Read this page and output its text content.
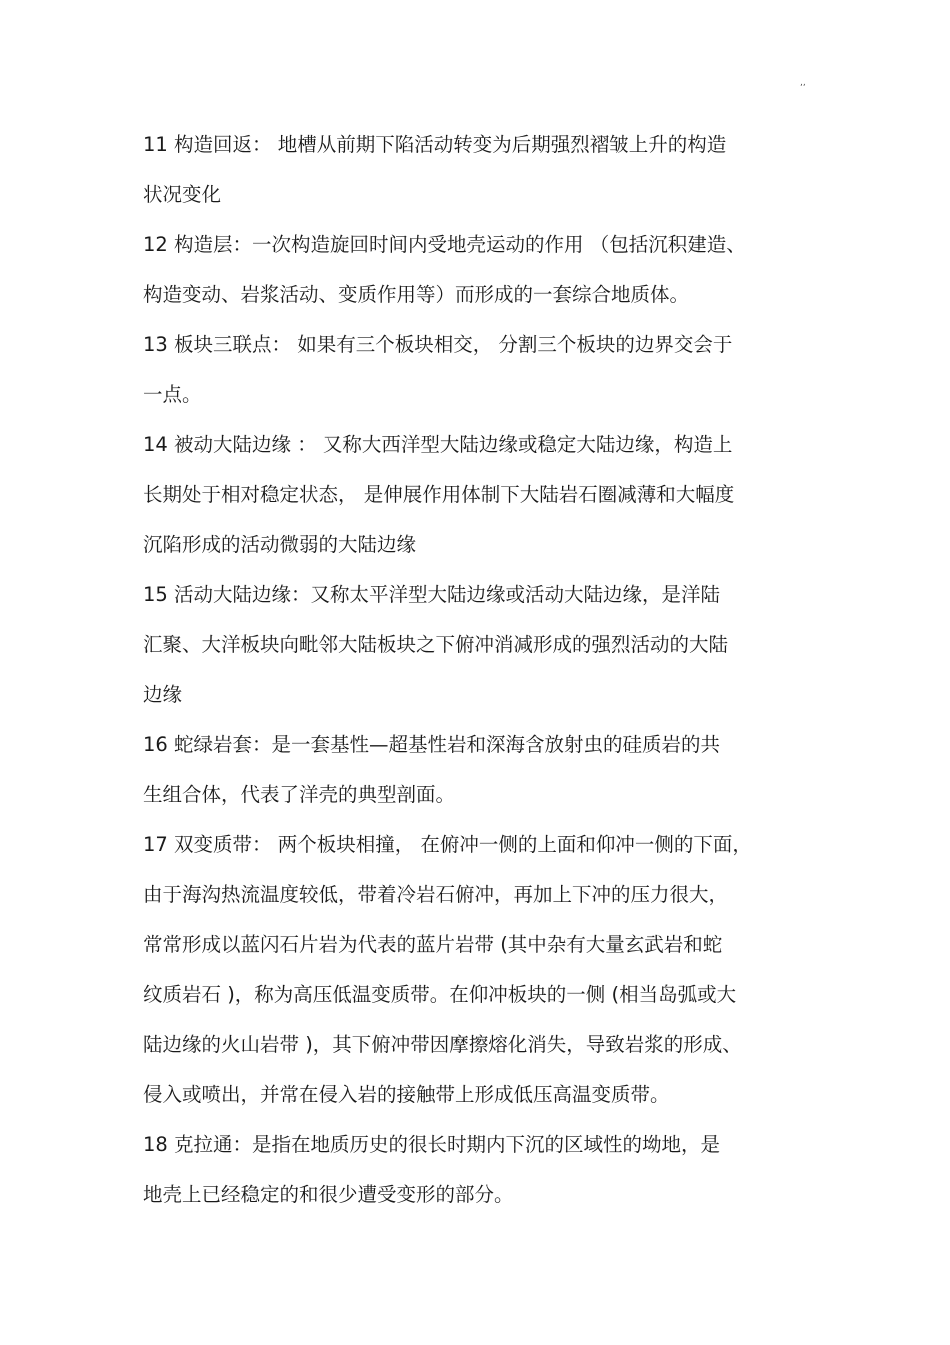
,,
11 构造回返： 地槽从前期下陷活动转变为后期强烈褶皱上升的构造
状况变化
12 构造层：一次构造旋回时间内受地壳运动的作用 （包括沉积建造、
构造变动、岩浆活动、变质作用等）而形成的一套综合地质体。
13 板块三联点： 如果有三个板块相交， 分割三个板块的边界交会于
一点。
14 被动大陆边缘 ： 又称大西洋型大陆边缘或稳定大陆边缘，构造上
长期处于相对稳定状态， 是伸展作用体制下大陆岩石圈减薄和大幅度
沉陷形成的活动微弱的大陆边缘
15 活动大陆边缘：又称太平洋型大陆边缘或活动大陆边缘，是洋陆
汇聚、大洋板块向毗邻大陆板块之下俯冲消减形成的强烈活动的大陆
边缘
16 蛇绿岩套：是一套基性—超基性岩和深海含放射虫的硅质岩的共
生组合体，代表了洋壳的典型剖面。
17 双变质带： 两个板块相撞， 在俯冲一侧的上面和仰冲一侧的下面，
由于海沟热流温度较低，带着冷岩石俯冲，再加上下冲的压力很大，
常常形成以蓝闪石片岩为代表的蓝片岩带 (其中杂有大量玄武岩和蛇
纹质岩石 )，称为高压低温变质带。在仰冲板块的一侧 (相当岛弧或大
陆边缘的火山岩带 )，其下俯冲带因摩擦熔化消失，导致岩浆的形成、
侵入或喷出，并常在侵入岩的接触带上形成低压高温变质带。
18 克拉通：是指在地质历史的很长时期内下沉的区域性的坳地，是
地壳上已经稳定的和很少遭受变形的部分。
